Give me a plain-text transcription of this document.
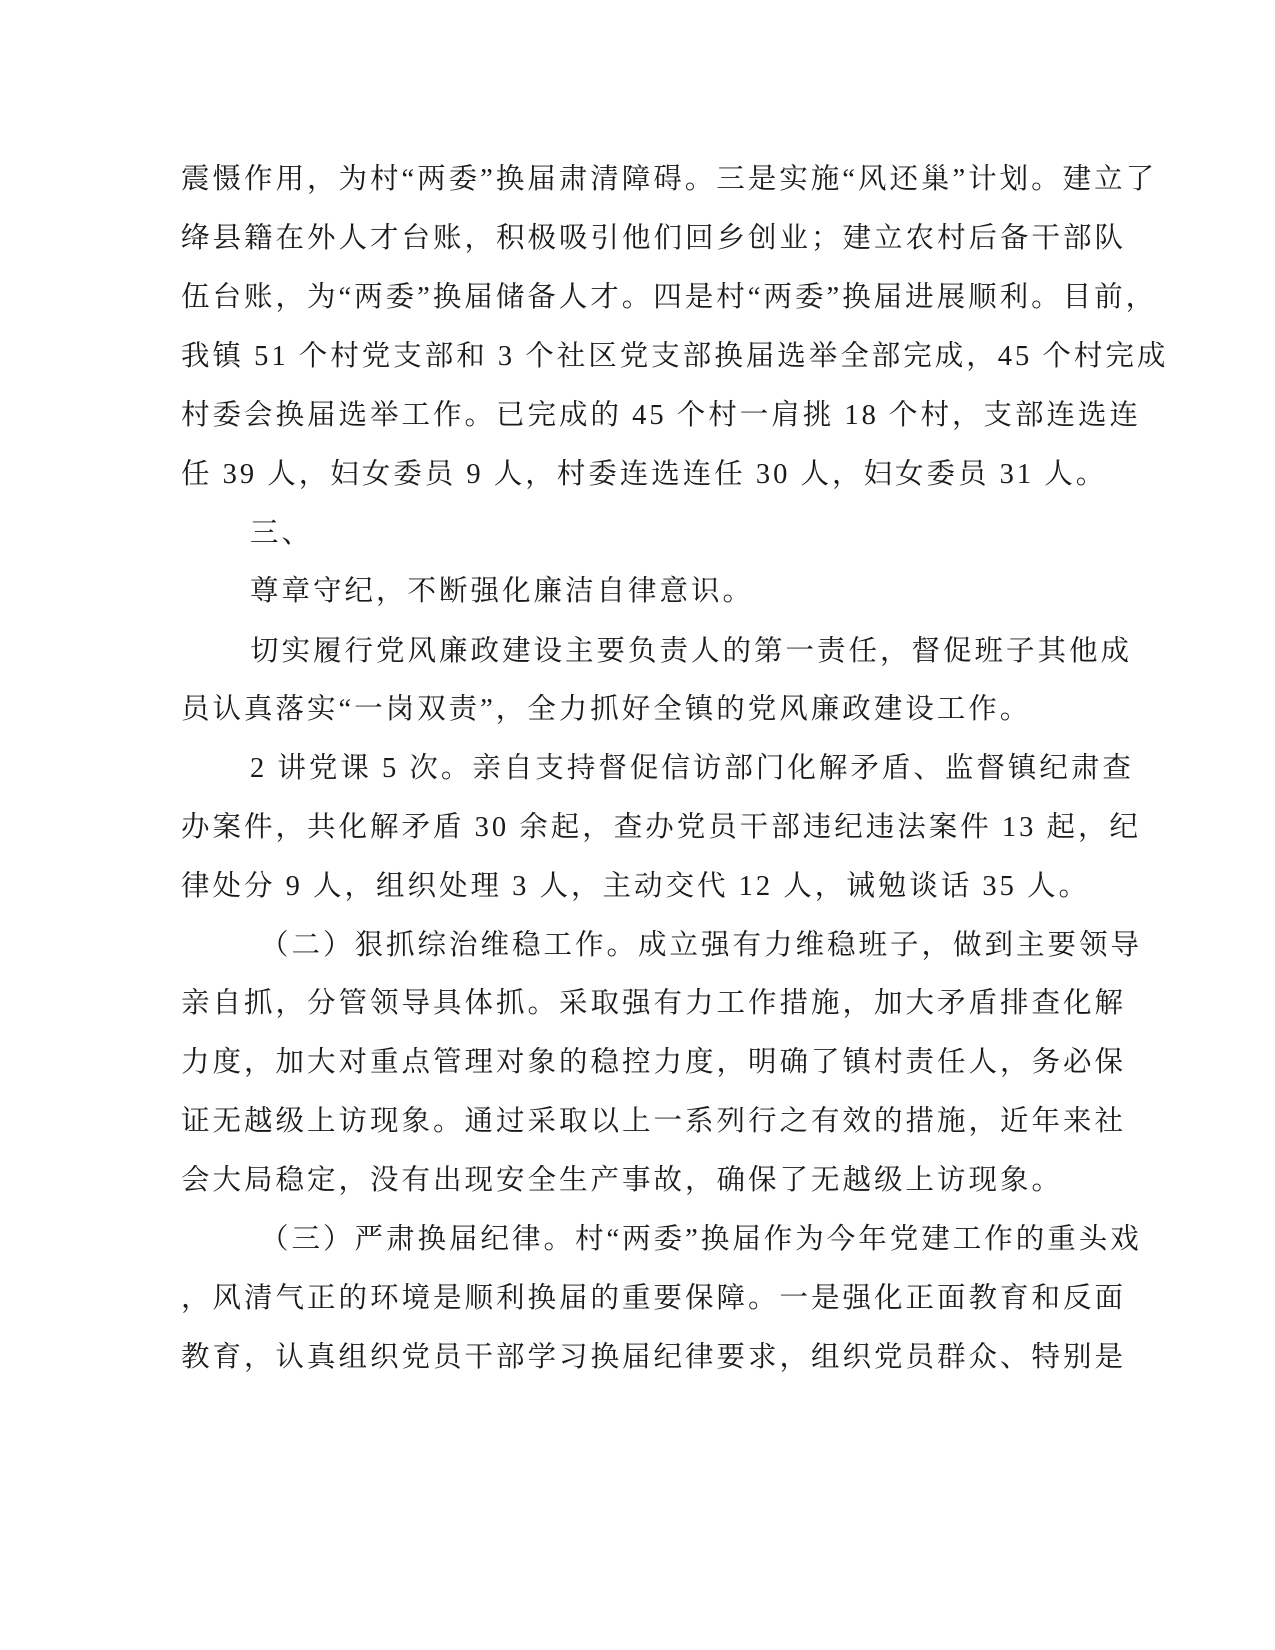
震慑作用，为村“两委”换届肃清障碍。三是实施“风还巢”计划。建立了
绛县籍在外人才台账，积极吸引他们回乡创业；建立农村后备干部队
伍台账，为“两委”换届储备人才。四是村“两委”换届进展顺利。目前，
我镇 51 个村党支部和 3 个社区党支部换届选举全部完成，45 个村完成
村委会换届选举工作。已完成的 45 个村一肩挑 18 个村，支部连选连
任 39 人，妇女委员 9 人，村委连选连任 30 人，妇女委员 31 人。
三、
尊章守纪，不断强化廉洁自律意识。
切实履行党风廉政建设主要负责人的第一责任，督促班子其他成
员认真落实“一岗双责”，全力抓好全镇的党风廉政建设工作。
2 讲党课 5 次。亲自支持督促信访部门化解矛盾、监督镇纪肃查
办案件，共化解矛盾 30 余起，查办党员干部违纪违法案件 13 起，纪
律处分 9 人，组织处理 3 人，主动交代 12 人，诫勉谈话 35 人。
（二）狠抓综治维稳工作。成立强有力维稳班子，做到主要领导
亲自抓，分管领导具体抓。采取强有力工作措施，加大矛盾排查化解
力度，加大对重点管理对象的稳控力度，明确了镇村责任人，务必保
证无越级上访现象。通过采取以上一系列行之有效的措施，近年来社
会大局稳定，没有出现安全生产事故，确保了无越级上访现象。
（三）严肃换届纪律。村“两委”换届作为今年党建工作的重头戏
，风清气正的环境是顺利换届的重要保障。一是强化正面教育和反面
教育，认真组织党员干部学习换届纪律要求，组织党员群众、特别是
